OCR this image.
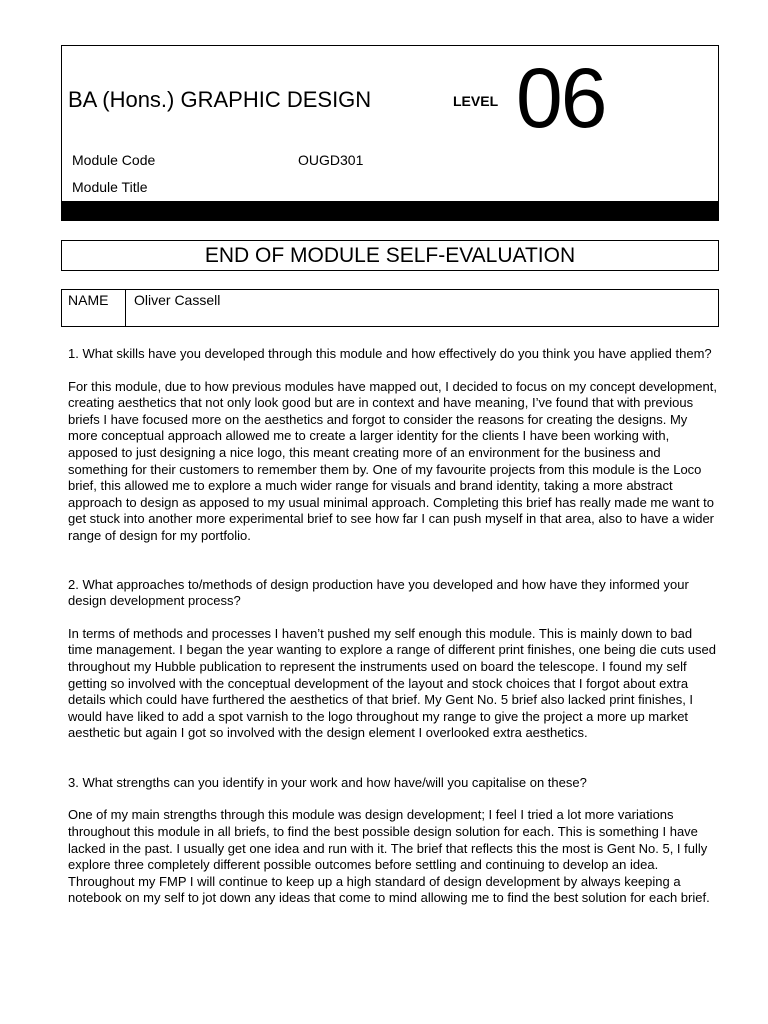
BA (Hons.) GRAPHIC DESIGN	LEVEL 06
Module Code	OUGD301
Module Title
END OF MODULE SELF-EVALUATION
NAME	Oliver Cassell

1. What skills have you developed through this module and how effectively do you think you have applied them?

For this module, due to how previous modules have mapped out, I decided to focus on my concept development, creating aesthetics that not only look good but are in context and have meaning, I’ve found that with previous briefs I have focused more on the aesthetics and forgot to consider the reasons for creating the designs. My more conceptual approach allowed me to create a larger identity for the clients I have been working with, apposed to just designing a nice logo, this meant creating more of an environment for the business and something for their customers to remember them by. One of my favourite projects from this module is the Loco brief, this allowed me to explore a much wider range for visuals and brand identity, taking a more abstract approach to design as apposed to my usual minimal approach. Completing this brief has really made me want to get stuck into another more experimental brief to see how far I can push myself in that area, also to have a wider range of design for my portfolio.

2. What approaches to/methods of design production have you developed and how have they informed your design development process?

In terms of methods and processes I haven’t pushed my self enough this module. This is mainly down to bad time management. I began the year wanting to explore a range of different print finishes, one being die cuts used throughout my Hubble publication to represent the instruments used on board the telescope. I found my self getting so involved with the conceptual development of the layout and stock choices that I forgot about extra details which could have furthered the aesthetics of that brief. My Gent No. 5 brief also lacked print finishes, I would have liked to add a spot varnish to the logo throughout my range to give the project a more up market aesthetic but again I got so involved with the design element I overlooked extra aesthetics.

3. What strengths can you identify in your work and how have/will you capitalise on these?

One of my main strengths through this module was design development; I feel I tried a lot more variations throughout this module in all briefs, to find the best possible design solution for each. This is something I have lacked in the past. I usually get one idea and run with it. The brief that reflects this the most is Gent No. 5, I fully explore three completely different possible outcomes before settling and continuing to develop an idea. Throughout my FMP I will continue to keep up a high standard of design development by always keeping a notebook on my self to jot down any ideas that come to mind allowing me to find the best solution for each brief.
